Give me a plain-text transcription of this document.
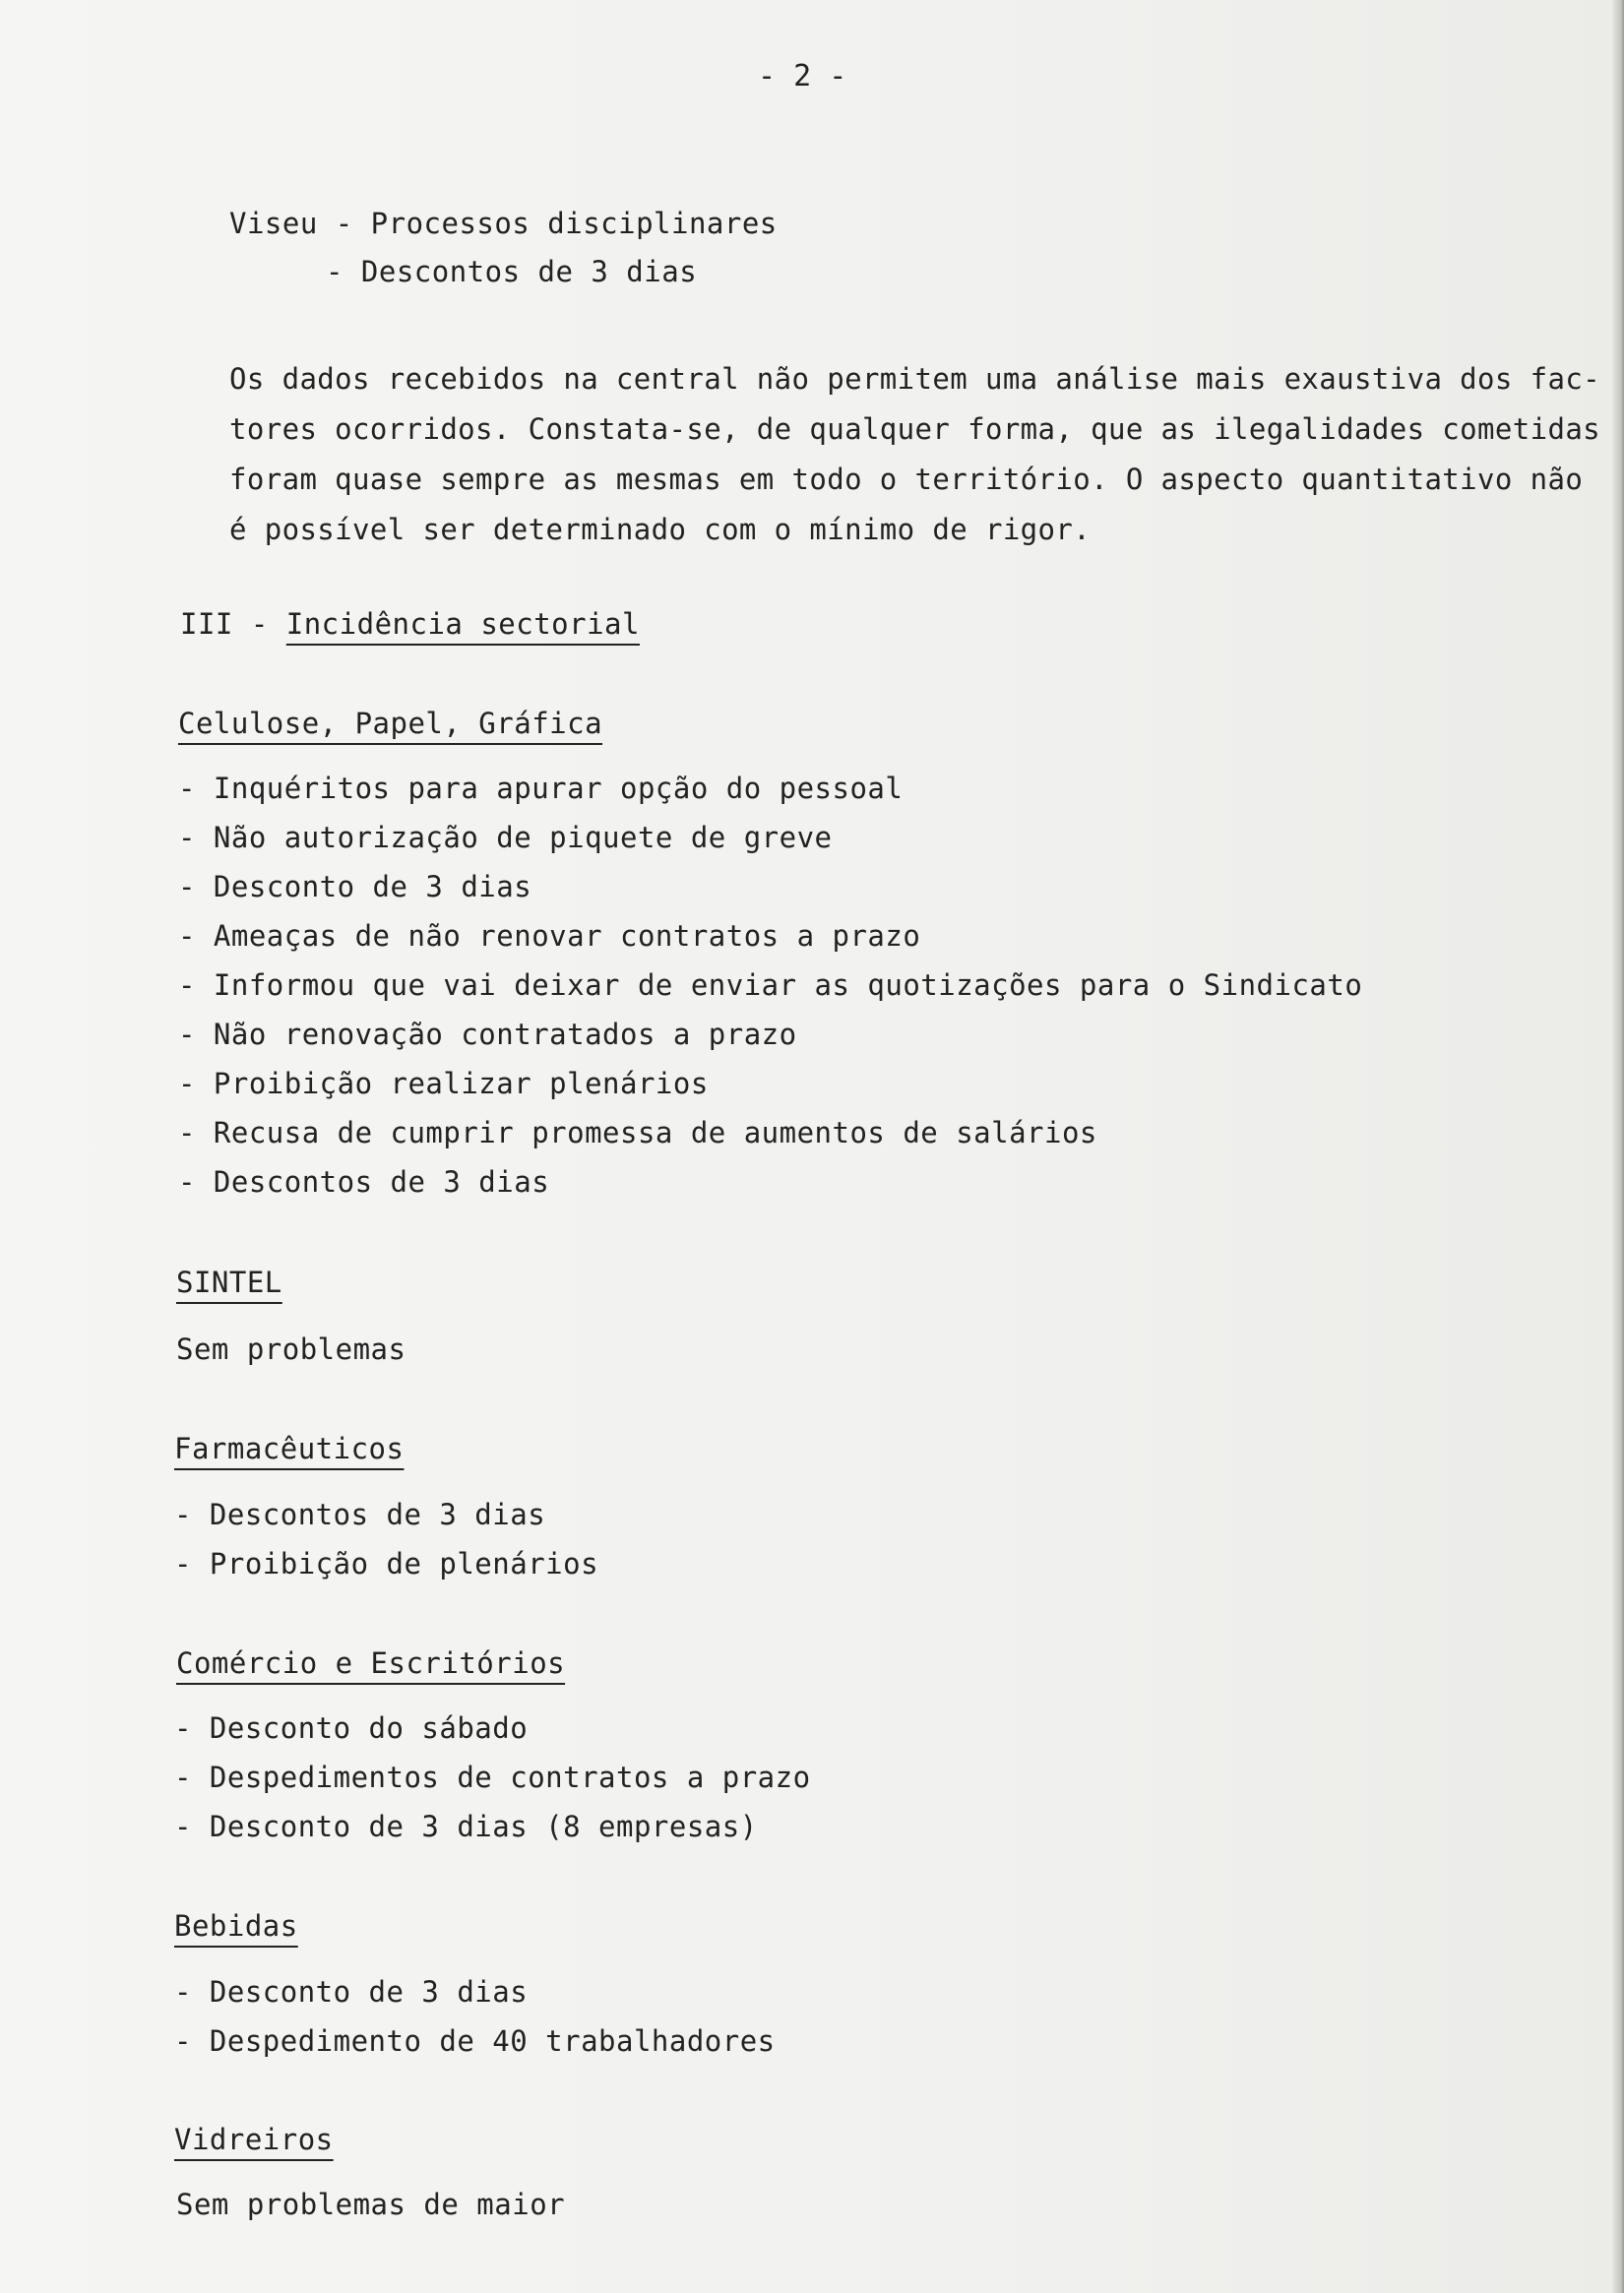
- 2 -
Viseu - Processos disciplinares
- Descontos de 3 dias
Os dados recebidos na central não permitem uma análise mais exaustiva dos fac-
tores ocorridos. Constata-se, de qualquer forma, que as ilegalidades cometidas
foram quase sempre as mesmas em todo o território. O aspecto quantitativo não
é possível ser determinado com o mínimo de rigor.
III - Incidência sectorial
Celulose, Papel, Gráfica
- Inquéritos para apurar opção do pessoal
- Não autorização de piquete de greve
- Desconto de 3 dias
- Ameaças de não renovar contratos a prazo
- Informou que vai deixar de enviar as quotizações para o Sindicato
- Não renovação contratados a prazo
- Proibição realizar plenários
- Recusa de cumprir promessa de aumentos de salários
- Descontos de 3 dias
SINTEL
Sem problemas
Farmacêuticos
- Descontos de 3 dias
- Proibição de plenários
Comércio e Escritórios
- Desconto do sábado
- Despedimentos de contratos a prazo
- Desconto de 3 dias (8 empresas)
Bebidas
- Desconto de 3 dias
- Despedimento de 40 trabalhadores
Vidreiros
Sem problemas de maior
